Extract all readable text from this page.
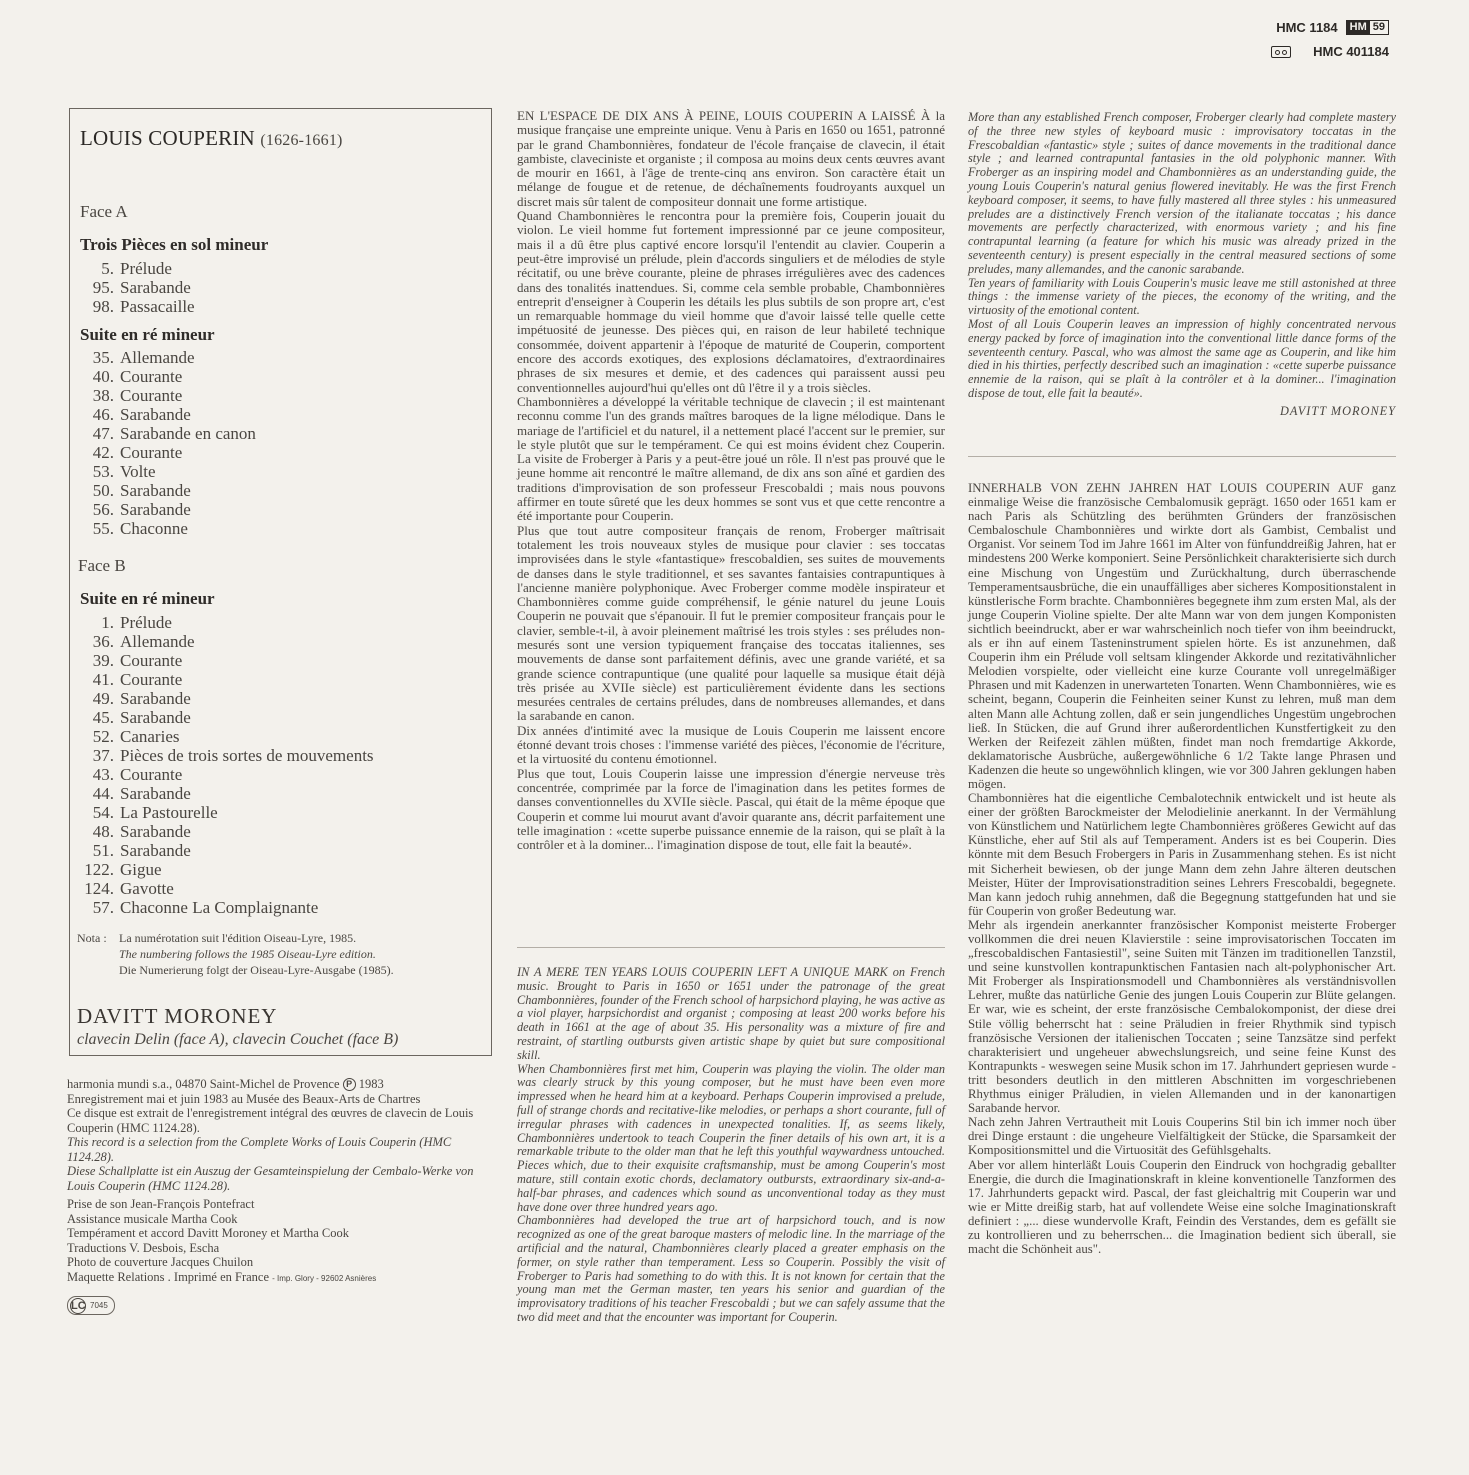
HMC 1184 HM 59
HMC 401184
LOUIS COUPERIN (1626-1661)
Face A
Trois Pièces en sol mineur
5. Prélude
95. Sarabande
98. Passacaille
Suite en ré mineur
35. Allemande
40. Courante
38. Courante
46. Sarabande
47. Sarabande en canon
42. Courante
53. Volte
50. Sarabande
56. Sarabande
55. Chaconne
Face B
Suite en ré mineur
1. Prélude
36. Allemande
39. Courante
41. Courante
49. Sarabande
45. Sarabande
52. Canaries
37. Pièces de trois sortes de mouvements
43. Courante
44. Sarabande
54. La Pastourelle
48. Sarabande
51. Sarabande
122. Gigue
124. Gavotte
57. Chaconne La Complaignante
Nota :	La numérotation suit l'édition Oiseau-Lyre, 1985.
The numbering follows the 1985 Oiseau-Lyre edition.
Die Numerierung folgt der Oiseau-Lyre-Ausgabe (1985).
DAVITT MORONEY
clavecin Delin (face A), clavecin Couchet (face B)
harmonia mundi s.a., 04870 Saint-Michel de Provence P 1983
Enregistrement mai et juin 1983 au Musée des Beaux-Arts de Chartres
Ce disque est extrait de l'enregistrement intégral des œuvres de clavecin de Louis Couperin (HMC 1124.28).
This record is a selection from the Complete Works of Louis Couperin (HMC 1124.28).
Diese Schallplatte ist ein Auszug der Gesamteinspielung der Cembalo-Werke von Louis Couperin (HMC 1124.28).
Prise de son Jean-François Pontefract
Assistance musicale Martha Cook
Tempérament et accord Davitt Moroney et Martha Cook
Traductions V. Desbois, Escha
Photo de couverture Jacques Chuilon
Maquette Relations . Imprimé en France - Imp. Glory - 92602 Asnières
LC 7045

EN L'ESPACE DE DIX ANS À PEINE, LOUIS COUPERIN A LAISSÉ À la musique française une empreinte unique. Venu à Paris en 1650 ou 1651, patronné par le grand Chambonnières, fondateur de l'école française de clavecin, il était gambiste, claveciniste et organiste ; il composa au moins deux cents œuvres avant de mourir en 1661, à l'âge de trente-cinq ans environ. Son caractère était un mélange de fougue et de retenue, de déchaînements foudroyants auxquel un discret mais sûr talent de compositeur donnait une forme artistique.

Quand Chambonnières le rencontra pour la première fois, Couperin jouait du violon. Le vieil homme fut fortement impressionné par ce jeune compositeur, mais il a dû être plus captivé encore lorsqu'il l'entendit au clavier. Couperin a peut-être improvisé un prélude, plein d'accords singuliers et de mélodies de style récitatif, ou une brève courante, pleine de phrases irrégulières avec des cadences dans des tonalités inattendues. Si, comme cela semble probable, Chambonnières entreprit d'enseigner à Couperin les détails les plus subtils de son propre art, c'est un remarquable hommage du vieil homme que d'avoir laissé telle quelle cette impétuosité de jeunesse. Des pièces qui, en raison de leur habileté technique consommée, doivent appartenir à l'époque de maturité de Couperin, comportent encore des accords exotiques, des explosions déclamatoires, d'extraordinaires phrases de six mesures et demie, et des cadences qui paraissent aussi peu conventionnelles aujourd'hui qu'elles ont dû l'être il y a trois siècles.

Chambonnières a développé la véritable technique de clavecin ; il est maintenant reconnu comme l'un des grands maîtres baroques de la ligne mélodique. Dans le mariage de l'artificiel et du naturel, il a nettement placé l'accent sur le premier, sur le style plutôt que sur le tempérament. Ce qui est moins évident chez Couperin. La visite de Froberger à Paris y a peut-être joué un rôle. Il n'est pas prouvé que le jeune homme ait rencontré le maître allemand, de dix ans son aîné et gardien des traditions d'improvisation de son professeur Frescobaldi ; mais nous pouvons affirmer en toute sûreté que les deux hommes se sont vus et que cette rencontre a été importante pour Couperin.

Plus que tout autre compositeur français de renom, Froberger maîtrisait totalement les trois nouveaux styles de musique pour clavier : ses toccatas improvisées dans le style «fantastique» frescobaldien, ses suites de mouvements de danses dans le style traditionnel, et ses savantes fantaisies contrapuntiques à l'ancienne manière polyphonique. Avec Froberger comme modèle inspirateur et Chambonnières comme guide compréhensif, le génie naturel du jeune Louis Couperin ne pouvait que s'épanouir. Il fut le premier compositeur français pour le clavier, semble-t-il, à avoir pleinement maîtrisé les trois styles : ses préludes non-mesurés sont une version typiquement française des toccatas italiennes, ses mouvements de danse sont parfaitement définis, avec une grande variété, et sa grande science contrapuntique (une qualité pour laquelle sa musique était déjà très prisée au XVIIe siècle) est particulièrement évidente dans les sections mesurées centrales de certains préludes, dans de nombreuses allemandes, et dans la sarabande en canon.

Dix années d'intimité avec la musique de Louis Couperin me laissent encore étonné devant trois choses : l'immense variété des pièces, l'économie de l'écriture, et la virtuosité du contenu émotionnel.

Plus que tout, Louis Couperin laisse une impression d'énergie nerveuse très concentrée, comprimée par la force de l'imagination dans les petites formes de danses conventionnelles du XVIIe siècle. Pascal, qui était de la même époque que Couperin et comme lui mourut avant d'avoir quarante ans, décrit parfaitement une telle imagination : «cette superbe puissance ennemie de la raison, qui se plaît à la contrôler et à la dominer... l'imagination dispose de tout, elle fait la beauté».

IN A MERE TEN YEARS LOUIS COUPERIN LEFT A UNIQUE MARK on French music. Brought to Paris in 1650 or 1651 under the patronage of the great Chambonnières, founder of the French school of harpsichord playing, he was active as a viol player, harpsichordist and organist ; composing at least 200 works before his death in 1661 at the age of about 35. His personality was a mixture of fire and restraint, of startling outbursts given artistic shape by quiet but sure compositional skill.

When Chambonnières first met him, Couperin was playing the violin. The older man was clearly struck by this young composer, but he must have been even more impressed when he heard him at a keyboard. Perhaps Couperin improvised a prelude, full of strange chords and recitative-like melodies, or perhaps a short courante, full of irregular phrases with cadences in unexpected tonalities. If, as seems likely, Chambonnières undertook to teach Couperin the finer details of his own art, it is a remarkable tribute to the older man that he left this youthful waywardness untouched. Pieces which, due to their exquisite craftsmanship, must be among Couperin's most mature, still contain exotic chords, declamatory outbursts, extraordinary six-and-a-half-bar phrases, and cadences which sound as unconventional today as they must have done over three hundred years ago.

Chambonnières had developed the true art of harpsichord touch, and is now recognized as one of the great baroque masters of melodic line. In the marriage of the artificial and the natural, Chambonnières clearly placed a greater emphasis on the former, on style rather than temperament. Less so Couperin. Possibly the visit of Froberger to Paris had something to do with this. It is not known for certain that the young man met the German master, ten years his senior and guardian of the improvisatory traditions of his teacher Frescobaldi ; but we can safely assume that the two did meet and that the encounter was important for Couperin.

More than any established French composer, Froberger clearly had complete mastery of the three new styles of keyboard music : improvisatory toccatas in the Frescobaldian «fantastic» style ; suites of dance movements in the traditional dance style ; and learned contrapuntal fantasies in the old polyphonic manner. With Froberger as an inspiring model and Chambonnières as an understanding guide, the young Louis Couperin's natural genius flowered inevitably. He was the first French keyboard composer, it seems, to have fully mastered all three styles : his unmeasured preludes are a distinctively French version of the italianate toccatas ; his dance movements are perfectly characterized, with enormous variety ; and his fine contrapuntal learning (a feature for which his music was already prized in the seventeenth century) is present especially in the central measured sections of some preludes, many allemandes, and the canonic sarabande.

Ten years of familiarity with Louis Couperin's music leave me still astonished at three things : the immense variety of the pieces, the economy of the writing, and the virtuosity of the emotional content.

Most of all Louis Couperin leaves an impression of highly concentrated nervous energy packed by force of imagination into the conventional little dance forms of the seventeenth century. Pascal, who was almost the same age as Couperin, and like him died in his thirties, perfectly described such an imagination : «cette superbe puissance ennemie de la raison, qui se plaît à la contrôler et à la dominer... l'imagination dispose de tout, elle fait la beauté».

DAVITT MORONEY

INNERHALB VON ZEHN JAHREN HAT LOUIS COUPERIN AUF ganz einmalige Weise die französische Cembalomusik geprägt. 1650 oder 1651 kam er nach Paris als Schützling des berühmten Gründers der französischen Cembaloschule Chambonnières und wirkte dort als Gambist, Cembalist und Organist. Vor seinem Tod im Jahre 1661 im Alter von fünfunddreißig Jahren, hat er mindestens 200 Werke komponiert. Seine Persönlichkeit charakterisierte sich durch eine Mischung von Ungestüm und Zurückhaltung, durch überraschende Temperamentsausbrüche, die ein unauffälliges aber sicheres Kompositionstalent in künstlerische Form brachte. Chambonnières begegnete ihm zum ersten Mal, als der junge Couperin Violine spielte. Der alte Mann war von dem jungen Komponisten sichtlich beeindruckt, aber er war wahrscheinlich noch tiefer von ihm beeindruckt, als er ihn auf einem Tasteninstrument spielen hörte. Es ist anzunehmen, daß Couperin ihm ein Prélude voll seltsam klingender Akkorde und rezitativähnlicher Melodien vorspielte, oder vielleicht eine kurze Courante voll unregelmäßiger Phrasen und mit Kadenzen in unerwarteten Tonarten. Wenn Chambonnières, wie es scheint, begann, Couperin die Feinheiten seiner Kunst zu lehren, muß man dem alten Mann alle Achtung zollen, daß er sein jungendliches Ungestüm ungebrochen ließ. In Stücken, die auf Grund ihrer außerordentlichen Kunstfertigkeit zu den Werken der Reifezeit zählen müßten, findet man noch fremdartige Akkorde, deklamatorische Ausbrüche, außergewöhnliche 6 1/2 Takte lange Phrasen und Kadenzen die heute so ungewöhnlich klingen, wie vor 300 Jahren geklungen haben mögen.

Chambonnières hat die eigentliche Cembalotechnik entwickelt und ist heute als einer der größten Barockmeister der Melodielinie anerkannt. In der Vermählung von Künstlichem und Natürlichem legte Chambonnières größeres Gewicht auf das Künstliche, eher auf Stil als auf Temperament. Anders ist es bei Couperin. Dies könnte mit dem Besuch Frobergers in Paris in Zusammenhang stehen. Es ist nicht mit Sicherheit bewiesen, ob der junge Mann dem zehn Jahre älteren deutschen Meister, Hüter der Improvisationstradition seines Lehrers Frescobaldi, begegnete. Man kann jedoch ruhig annehmen, daß die Begegnung stattgefunden hat und sie für Couperin von großer Bedeutung war.

Mehr als irgendein anerkannter französischer Komponist meisterte Froberger vollkommen die drei neuen Klavierstile : seine improvisatorischen Toccaten im „frescobaldischen Fantasiestil", seine Suiten mit Tänzen im traditionellen Tanzstil, und seine kunstvollen kontrapunktischen Fantasien nach alt-polyphonischer Art. Mit Froberger als Inspirationsmodell und Chambonnières als verständnisvollen Lehrer, mußte das natürliche Genie des jungen Louis Couperin zur Blüte gelangen. Er war, wie es scheint, der erste französische Cembalokomponist, der diese drei Stile völlig beherrscht hat : seine Präludien in freier Rhythmik sind typisch französische Versionen der italienischen Toccaten ; seine Tanzsätze sind perfekt charakterisiert und ungeheuer abwechslungsreich, und seine feine Kunst des Kontrapunkts - weswegen seine Musik schon im 17. Jahrhundert gepriesen wurde - tritt besonders deutlich in den mittleren Abschnitten im vorgeschriebenen Rhythmus einiger Präludien, in vielen Allemanden und in der kanonartigen Sarabande hervor.

Nach zehn Jahren Vertrautheit mit Louis Couperins Stil bin ich immer noch über drei Dinge erstaunt : die ungeheure Vielfältigkeit der Stücke, die Sparsamkeit der Kompositionsmittel und die Virtuosität des Gefühlsgehalts.

Aber vor allem hinterläßt Louis Couperin den Eindruck von hochgradig geballter Energie, die durch die Imaginationskraft in kleine konventionelle Tanzformen des 17. Jahrhunderts gepackt wird. Pascal, der fast gleichaltrig mit Couperin war und wie er Mitte dreißig starb, hat auf vollendete Weise eine solche Imaginationskraft definiert : „... diese wundervolle Kraft, Feindin des Verstandes, dem es gefällt sie zu kontrollieren und zu beherrschen... die Imagination bedient sich überall, sie macht die Schönheit aus".
